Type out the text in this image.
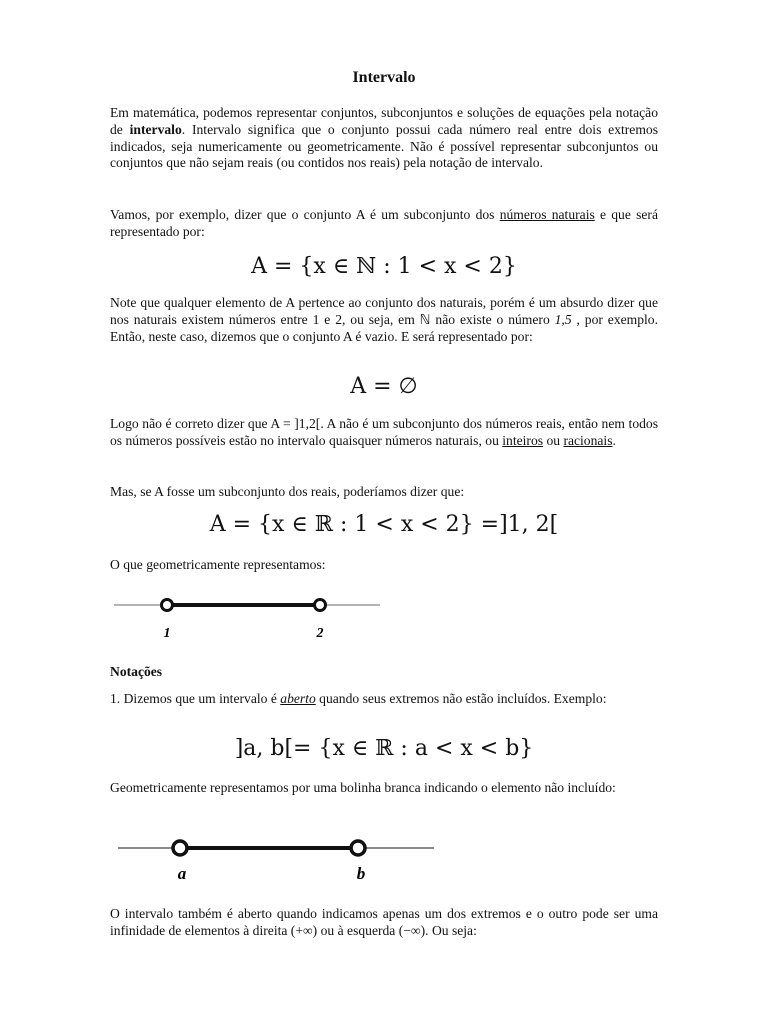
Intervalo
Em matemática, podemos representar conjuntos, subconjuntos e soluções de equações pela notação de intervalo. Intervalo significa que o conjunto possui cada número real entre dois extremos indicados, seja numericamente ou geometricamente. Não é possível representar subconjuntos ou conjuntos que não sejam reais (ou contidos nos reais) pela notação de intervalo.
Vamos, por exemplo, dizer que o conjunto A é um subconjunto dos números naturais e que será representado por:
A = {x ∈ ℕ : 1 < x < 2}
Note que qualquer elemento de A pertence ao conjunto dos naturais, porém é um absurdo dizer que nos naturais existem números entre 1 e 2, ou seja, em ℕ não existe o número 1,5 , por exemplo. Então, neste caso, dizemos que o conjunto A é vazio. E será representado por:
A = ∅
Logo não é correto dizer que A = ]1,2[. A não é um subconjunto dos números reais, então nem todos os números possíveis estão no intervalo quaisquer números naturais, ou inteiros ou racionais.
Mas, se A fosse um subconjunto dos reais, poderíamos dizer que:
A = {x ∈ ℝ : 1 < x < 2} =]1, 2[
O que geometricamente representamos:
1	2
Notações
1. Dizemos que um intervalo é aberto quando seus extremos não estão incluídos. Exemplo:
]a, b[= {x ∈ ℝ : a < x < b}
Geometricamente representamos por uma bolinha branca indicando o elemento não incluído:
a	b
O intervalo também é aberto quando indicamos apenas um dos extremos e o outro pode ser uma infinidade de elementos à direita (+∞) ou à esquerda (−∞). Ou seja:
